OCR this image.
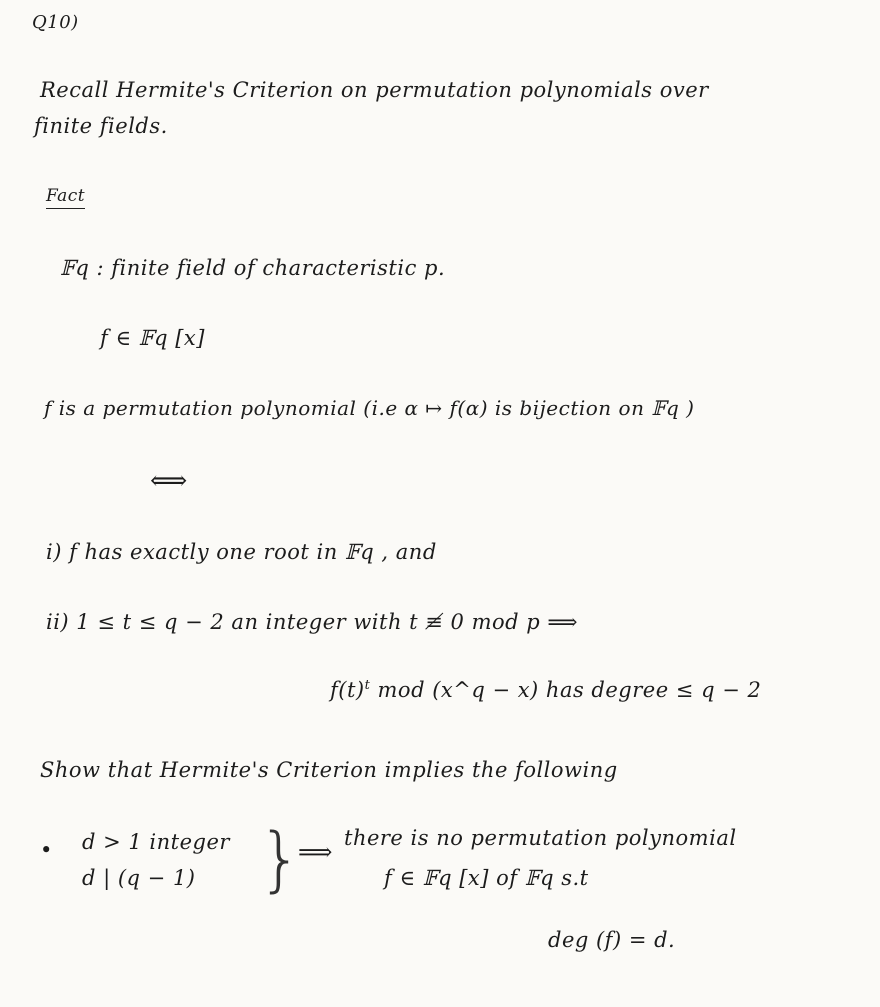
Q10)
Recall Hermite's Criterion on permutation polynomials over
finite fields.
Fact
𝔽q : finite field of characteristic p.
f ∈ 𝔽q [x]
f is a permutation polynomial (i.e α ↦ f(α) is bijection on 𝔽q )
⟺
i) f has exactly one root in 𝔽q , and
ii) 1 ≤ t ≤ q − 2 an integer with t ≢ 0 mod p ⟹
$f(t)^t$ mod (x^q − x) has degree ≤ q − 2
Show that Hermite's Criterion implies the following
• d > 1 integer
d | (q − 1) }
⟹ there is no permutation polynomial
f ∈ 𝔽q [x] of 𝔽q s.t
deg (f) = d.
